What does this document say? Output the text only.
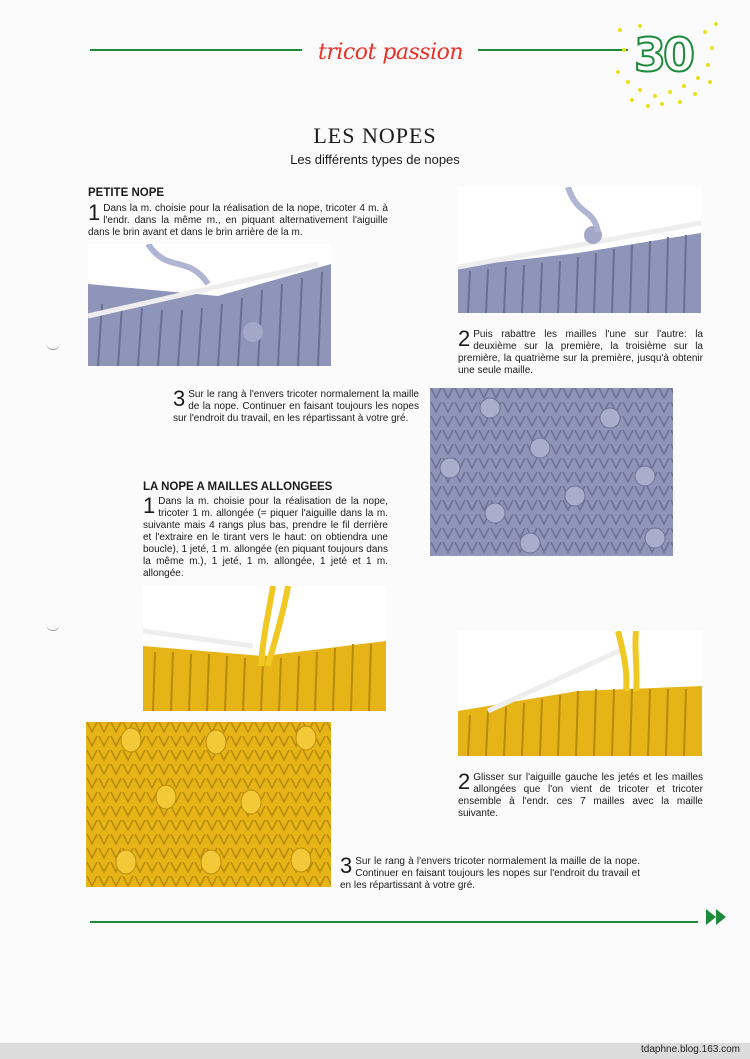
tricot passion	30
LES NOPES
Les différents types de nopes
PETITE NOPE
1 Dans la m. choisie pour la réalisation de la nope, tricoter 4 m. à l'endr. dans la même m., en piquant alternativement l'aiguille dans le brin avant et dans le brin arrière de la m.
2 Puis rabattre les mailles l'une sur l'autre: la deuxième sur la première, la troisième sur la première, la quatrième sur la première, jusqu'à obtenir une seule maille.
3 Sur le rang à l'envers tricoter normalement la maille de la nope. Continuer en faisant toujours les nopes sur l'endroit du travail, en les répartissant à votre gré.
LA NOPE A MAILLES ALLONGEES
1 Dans la m. choisie pour la réalisation de la nope, tricoter 1 m. allongée (= piquer l'aiguille dans la m. suivante mais 4 rangs plus bas, prendre le fil derrière et l'extraire en le tirant vers le haut: on obtiendra une boucle), 1 jeté, 1 m. allongée (en piquant toujours dans la même m.), 1 jeté, 1 m. allongée, 1 jeté et 1 m. allongée.
2 Glisser sur l'aiguille gauche les jetés et les mailles allongées que l'on vient de tricoter et tricoter ensemble à l'endr. ces 7 mailles avec la maille suivante.
3 Sur le rang à l'envers tricoter normalement la maille de la nope. Continuer en faisant toujours les nopes sur l'endroit du travail et en les répartissant à votre gré.
tdaphne.blog.163.com
